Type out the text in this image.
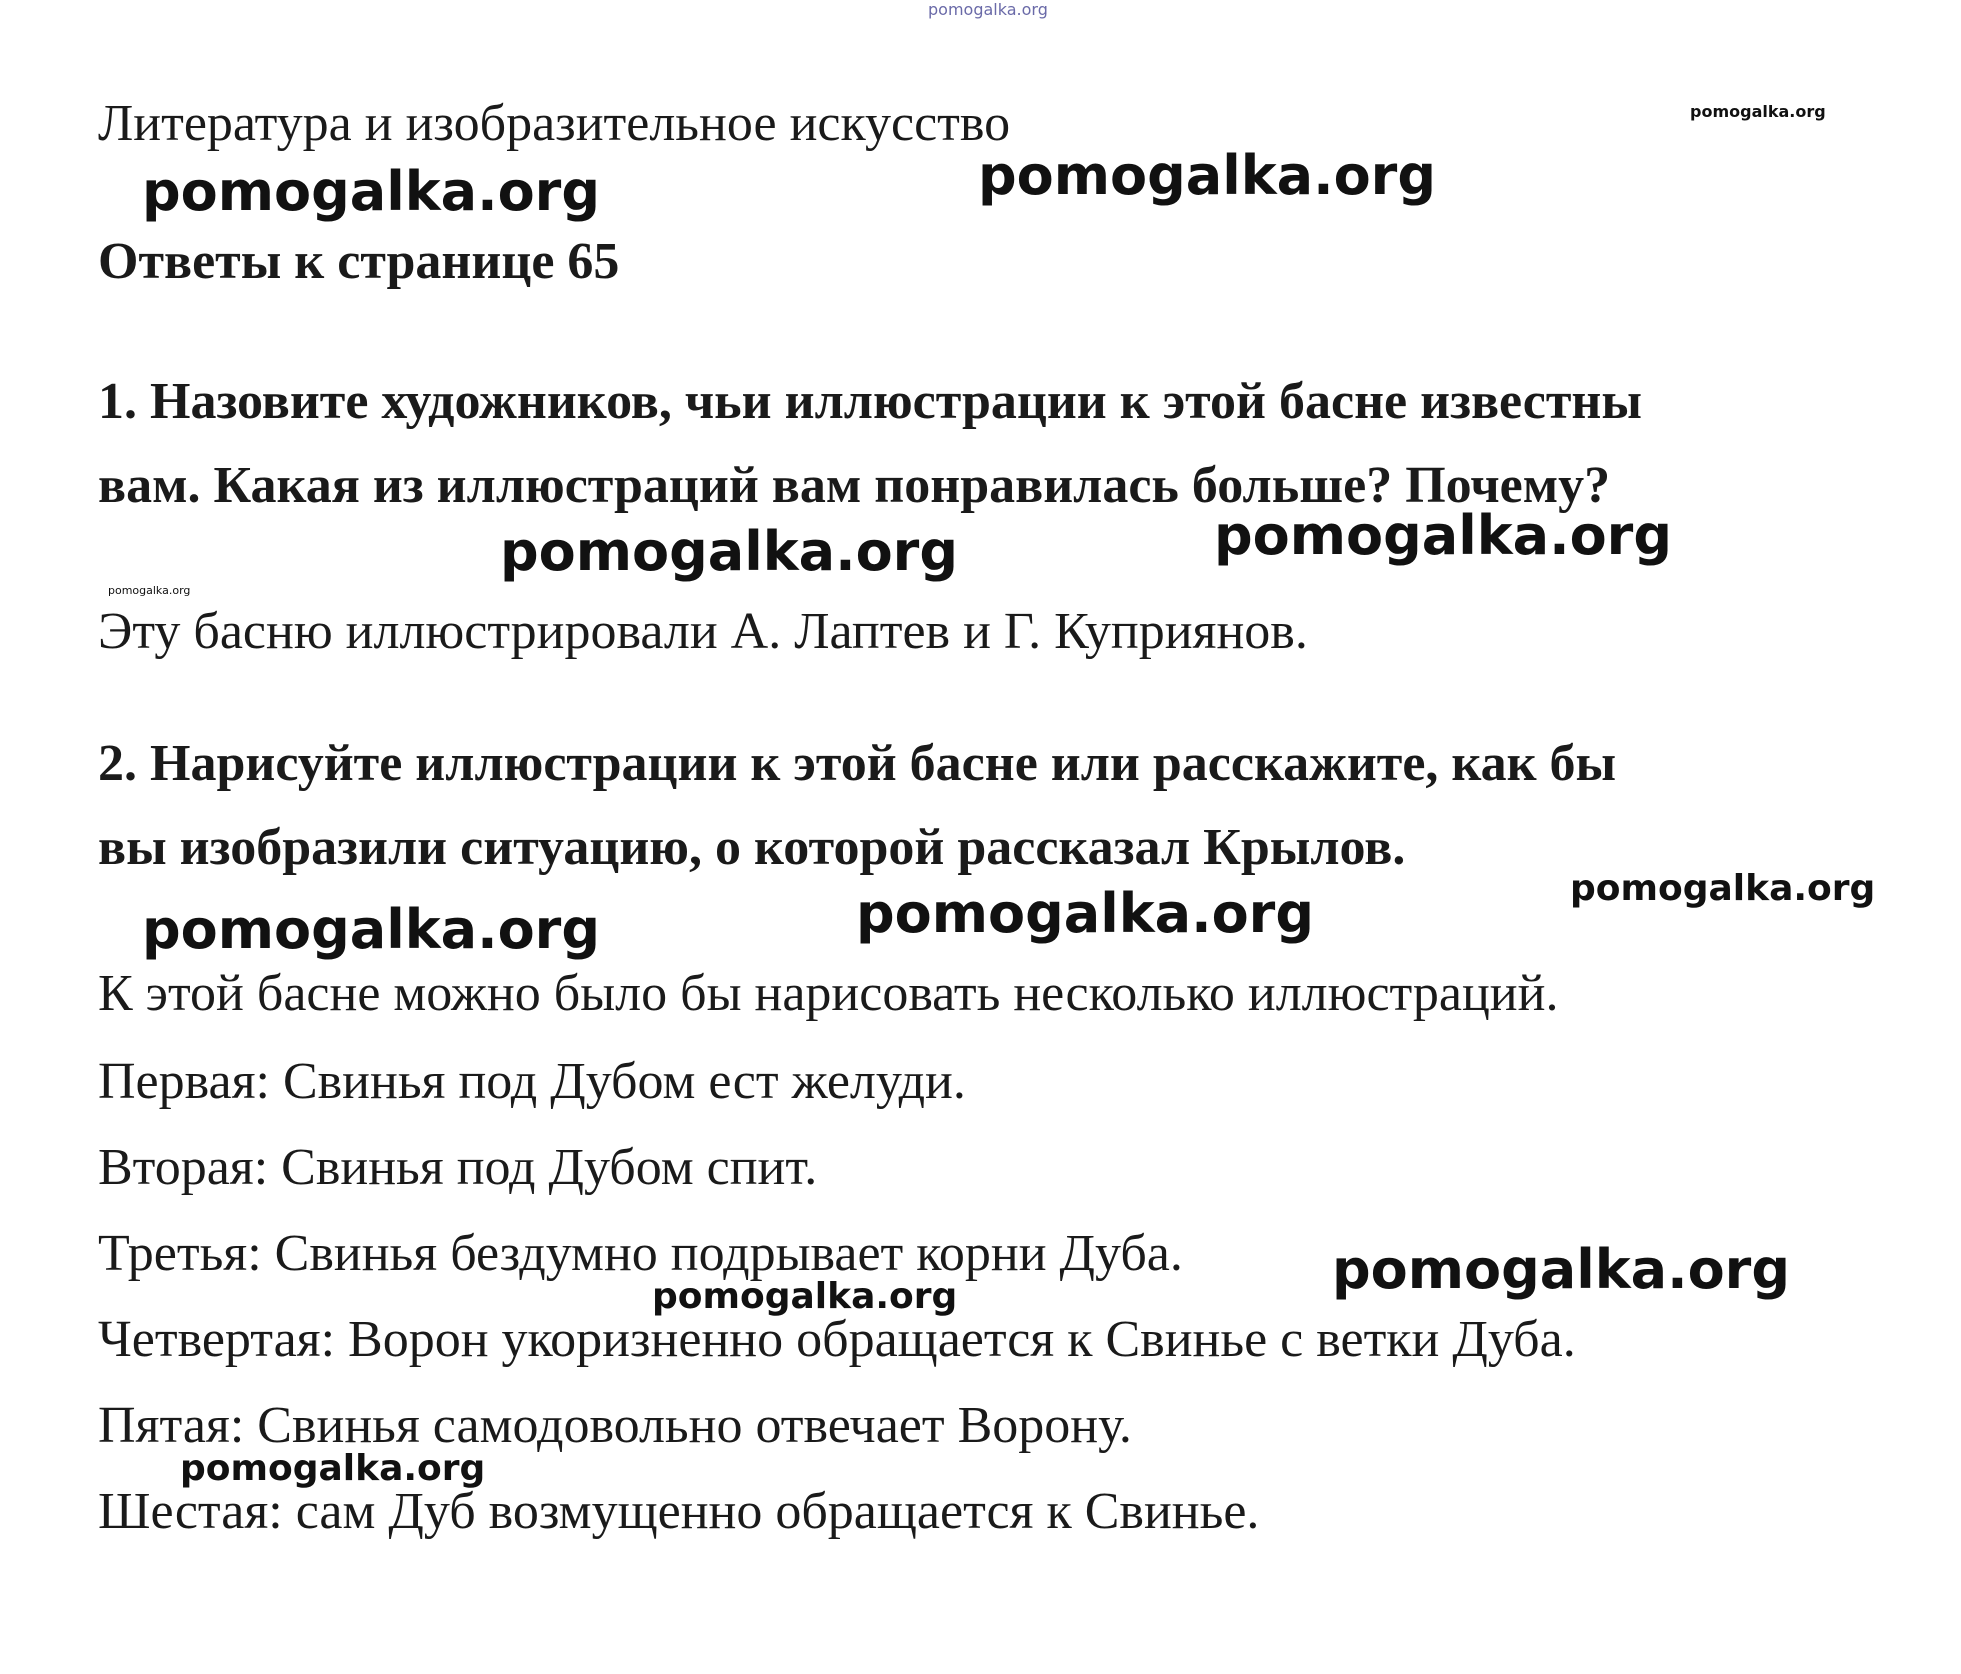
pomogalka.org
Литература и изобразительное искусство	pomogalka.org
pomogalka.org	pomogalka.org
Ответы к странице 65
1. Назовите художников, чьи иллюстрации к этой басне известны
вам. Какая из иллюстраций вам понравилась больше? Почему?
pomogalka.org	pomogalka.org
pomogalka.org
Эту басню иллюстрировали А. Лаптев и Г. Куприянов.
2. Нарисуйте иллюстрации к этой басне или расскажите, как бы
вы изобразили ситуацию, о которой рассказал Крылов.
pomogalka.org
pomogalka.org	pomogalka.org
К этой басне можно было бы нарисовать несколько иллюстраций.
Первая: Свинья под Дубом ест желуди.
Вторая: Свинья под Дубом спит.
Третья: Свинья бездумно подрывает корни Дуба.	pomogalka.org
pomogalka.org
Четвертая: Ворон укоризненно обращается к Свинье с ветки Дуба.
Пятая: Свинья самодовольно отвечает Ворону.
pomogalka.org
Шестая: сам Дуб возмущенно обращается к Свинье.
